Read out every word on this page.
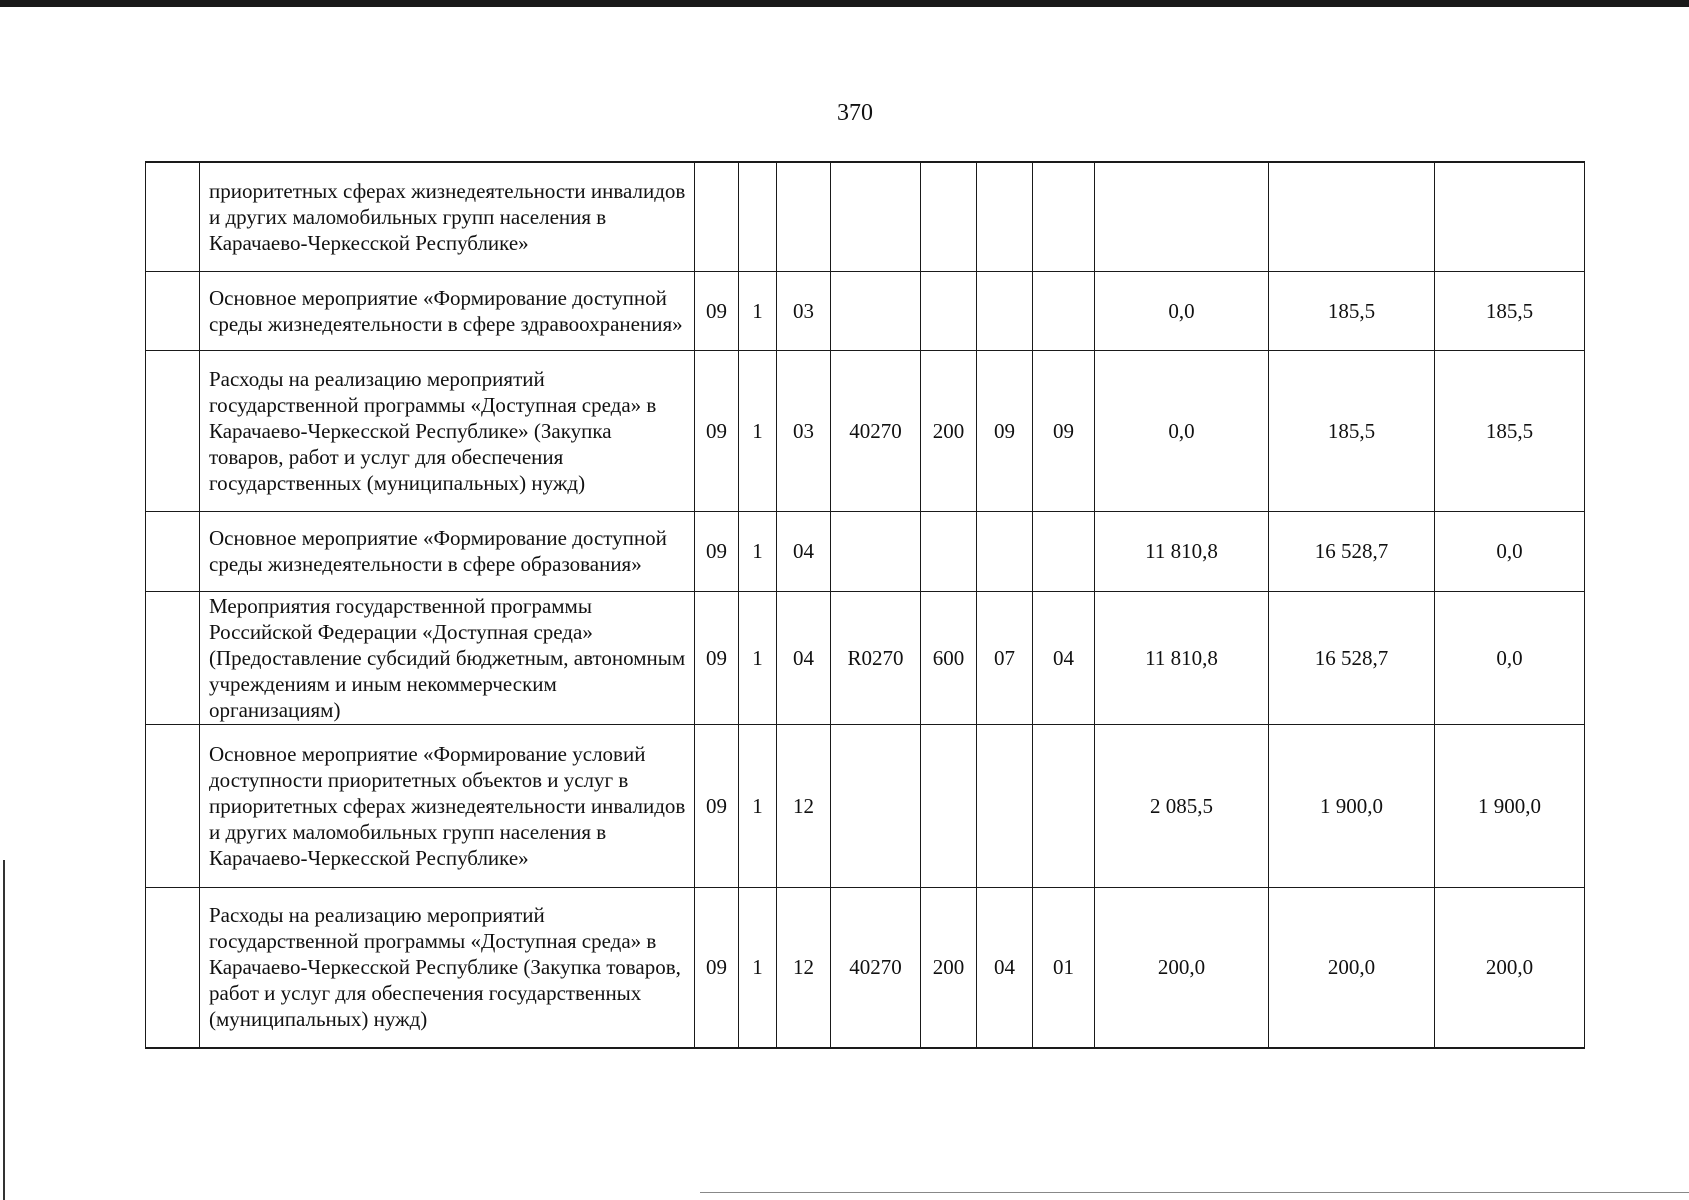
370

	приоритетных сферах жизнедеятельности инвалидов и других маломобильных групп населения в Карачаево-Черкесской Республике»										

	Основное мероприятие «Формирование доступной среды жизнедеятельности в сфере здравоохранения»	09	1	03					0,0	185,5	185,5

	Расходы на реализацию мероприятий государственной программы «Доступная среда» в Карачаево-Черкесской Республике» (Закупка товаров, работ и услуг для обеспечения государственных (муниципальных) нужд)	09	1	03	40270	200	09	09	0,0	185,5	185,5

	Основное мероприятие «Формирование доступной среды жизнедеятельности в сфере образования»	09	1	04					11 810,8	16 528,7	0,0

	Мероприятия государственной программы Российской Федерации «Доступная среда» (Предоставление субсидий бюджетным, автономным учреждениям и иным некоммерческим организациям)	09	1	04	R0270	600	07	04	11 810,8	16 528,7	0,0

	Основное мероприятие «Формирование условий доступности приоритетных объектов и услуг в приоритетных сферах жизнедеятельности инвалидов и других маломобильных групп населения в Карачаево-Черкесской Республике»	09	1	12					2 085,5	1 900,0	1 900,0

	Расходы на реализацию мероприятий государственной программы «Доступная среда» в Карачаево-Черкесской Республике (Закупка товаров, работ и услуг для обеспечения государственных (муниципальных) нужд)	09	1	12	40270	200	04	01	200,0	200,0	200,0
